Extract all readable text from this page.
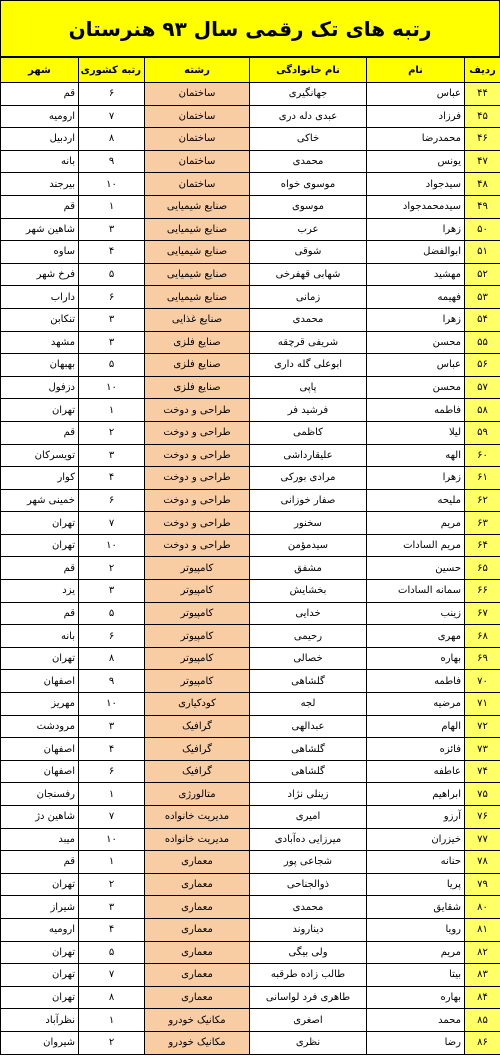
رتبه های تک رقمی سال ۹۳ هنرستان
ردیف	نام	نام خانوادگی	رشته	رتبه کشوری	شهر
۴۴	عباس	جهانگیری	ساختمان	۶	قم
۴۵	فرزاد	عبدی دله دری	ساختمان	۷	ارومیه
۴۶	محمدرضا	خاکی	ساختمان	۸	اردبیل
۴۷	یونس	محمدی	ساختمان	۹	بانه
۴۸	سیدجواد	موسوی خواه	ساختمان	۱۰	بیرجند
۴۹	سیدمحمدجواد	موسوی	صنایع شیمیایی	۱	قم
۵۰	زهرا	عرب	صنایع شیمیایی	۳	شاهین شهر
۵۱	ابوالفضل	شوقی	صنایع شیمیایی	۴	ساوه
۵۲	مهشید	شهابی قهفرخی	صنایع شیمیایی	۵	فرخ شهر
۵۳	فهیمه	زمانی	صنایع شیمیایی	۶	داراب
۵۴	زهرا	محمدی	صنایع غذایی	۳	تنکابن
۵۵	محسن	شریفی قرچقه	صنایع فلزی	۳	مشهد
۵۶	عباس	ابوعلی گله داری	صنایع فلزی	۵	بهبهان
۵۷	محسن	پاپی	صنایع فلزی	۱۰	دزفول
۵۸	فاطمه	فرشید فر	طراحی و دوخت	۱	تهران
۵۹	لیلا	کاظمی	طراحی و دوخت	۲	قم
۶۰	الهه	علیقارداشی	طراحی و دوخت	۳	تویسرکان
۶۱	زهرا	مرادی بورکی	طراحی و دوخت	۴	کوار
۶۲	ملیحه	صفار خوزانی	طراحی و دوخت	۶	خمینی شهر
۶۳	مریم	سخنور	طراحی و دوخت	۷	تهران
۶۴	مریم السادات	سیدمؤمن	طراحی و دوخت	۱۰	تهران
۶۵	حسین	مشفق	کامپیوتر	۲	قم
۶۶	سمانه السادات	بخشایش	کامپیوتر	۳	یزد
۶۷	زینب	خدایی	کامپیوتر	۵	قم
۶۸	مهری	رحیمی	کامپیوتر	۶	بانه
۶۹	بهاره	خصالی	کامپیوتر	۸	تهران
۷۰	فاطمه	گلشاهی	کامپیوتر	۹	اصفهان
۷۱	مرضیه	لجه	کودکیاری	۱۰	مهریز
۷۲	الهام	عبدالهی	گرافیک	۳	مرودشت
۷۳	فائزه	گلشاهی	گرافیک	۴	اصفهان
۷۴	عاطفه	گلشاهی	گرافیک	۶	اصفهان
۷۵	ابراهیم	زینلی نژاد	متالورژی	۱	رفسنجان
۷۶	آرزو	امیری	مدیریت خانواده	۷	شاهین دژ
۷۷	خیزران	میرزایی ده‌آبادی	مدیریت خانواده	۱۰	میبد
۷۸	حنانه	شجاعی پور	معماری	۱	قم
۷۹	پریا	ذوالجناحی	معماری	۲	تهران
۸۰	شقایق	محمدی	معماری	۳	شیراز
۸۱	رویا	دیناروند	معماری	۴	ارومیه
۸۲	مریم	ولی بیگی	معماری	۵	تهران
۸۳	بیتا	طالب زاده طرقبه	معماری	۷	تهران
۸۴	بهاره	طاهری فرد لواسانی	معماری	۸	تهران
۸۵	محمد	اصغری	مکانیک خودرو	۱	نظرآباد
۸۶	رضا	نظری	مکانیک خودرو	۲	شیروان
